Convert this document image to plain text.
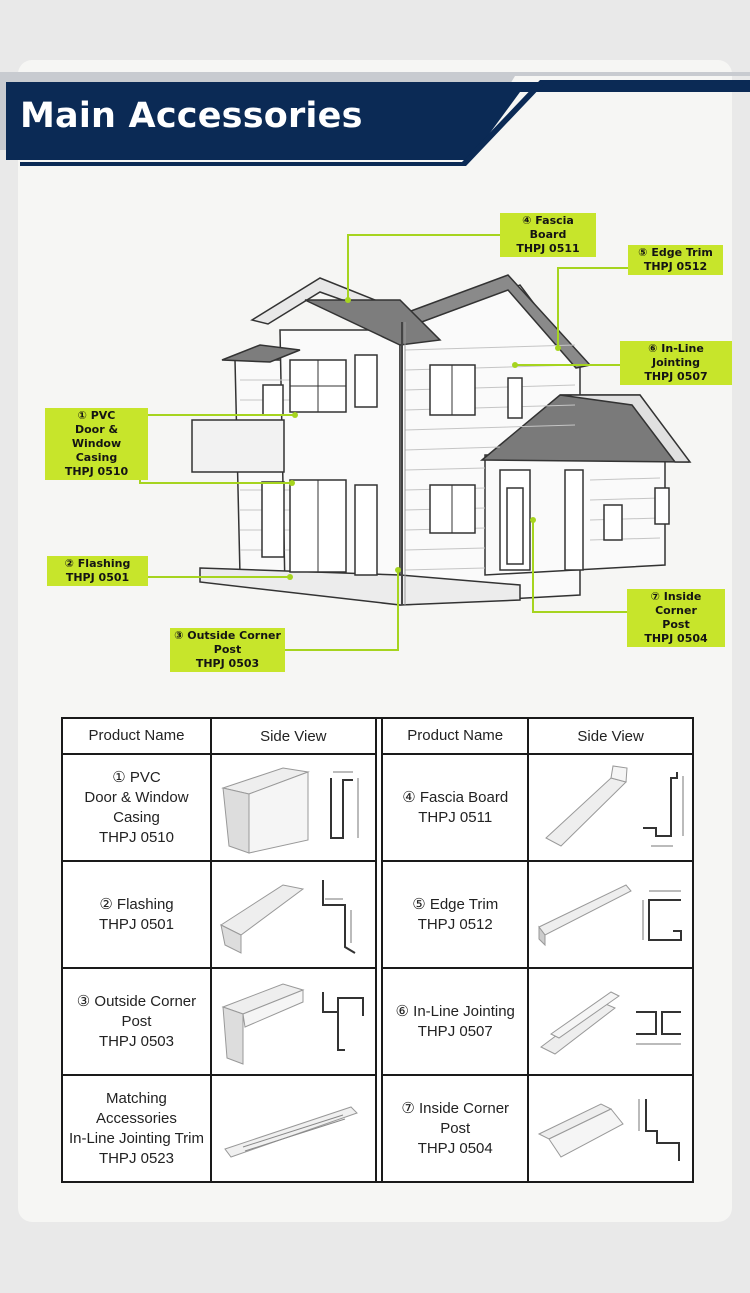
Main Accessories
④ Fascia Board
THPJ 0511	⑤ Edge Trim
THPJ 0512
⑥ In-Line Jointing
THPJ 0507
① PVC
Door & Window
Casing
THPJ 0510
② Flashing
THPJ 0501
③ Outside Corner
Post
THPJ 0503
⑦ Inside Corner
Post
THPJ 0504
Product Name	Side View		Product Name	Side View

① PVC
Door & Window
Casing
THPJ 0510			④ Fascia Board
THPJ 0511

② Flashing
THPJ 0501			⑤ Edge Trim
THPJ 0512

③ Outside Corner
Post
THPJ 0503			⑥ In-Line Jointing
THPJ 0507

Matching
Accessories
In-Line Jointing Trim
THPJ 0523			⑦ Inside Corner
Post
THPJ 0504
